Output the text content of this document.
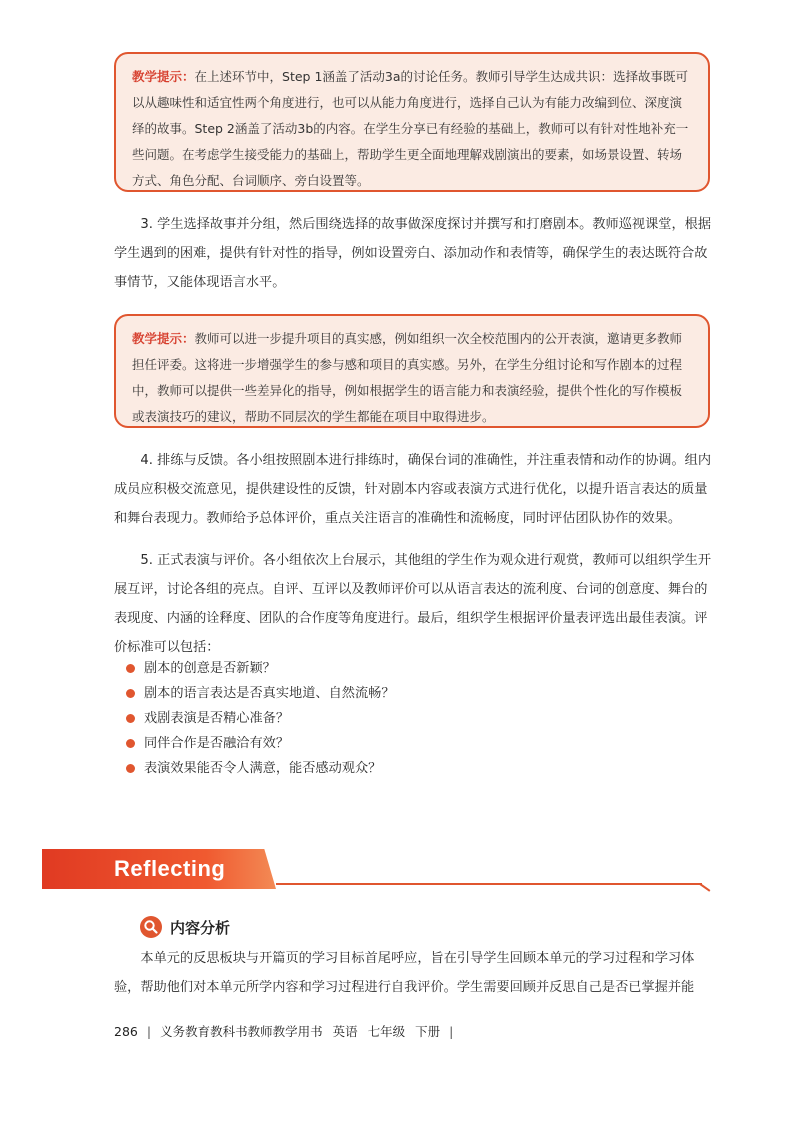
教学提示：在上述环节中，Step 1涵盖了活动3a的讨论任务。教师引导学生达成共识：选择故事既可以从趣味性和适宜性两个角度进行，也可以从能力角度进行，选择自己认为有能力改编到位、深度演绎的故事。Step 2涵盖了活动3b的内容。在学生分享已有经验的基础上，教师可以有针对性地补充一些问题。在考虑学生接受能力的基础上，帮助学生更全面地理解戏剧演出的要素，如场景设置、转场方式、角色分配、台词顺序、旁白设置等。

3. 学生选择故事并分组，然后围绕选择的故事做深度探讨并撰写和打磨剧本。教师巡视课堂，根据学生遇到的困难，提供有针对性的指导，例如设置旁白、添加动作和表情等，确保学生的表达既符合故事情节，又能体现语言水平。

教学提示：教师可以进一步提升项目的真实感，例如组织一次全校范围内的公开表演，邀请更多教师担任评委。这将进一步增强学生的参与感和项目的真实感。另外，在学生分组讨论和写作剧本的过程中，教师可以提供一些差异化的指导，例如根据学生的语言能力和表演经验，提供个性化的写作模板或表演技巧的建议，帮助不同层次的学生都能在项目中取得进步。

4. 排练与反馈。各小组按照剧本进行排练时，确保台词的准确性，并注重表情和动作的协调。组内成员应积极交流意见，提供建设性的反馈，针对剧本内容或表演方式进行优化，以提升语言表达的质量和舞台表现力。教师给予总体评价，重点关注语言的准确性和流畅度，同时评估团队协作的效果。

5. 正式表演与评价。各小组依次上台展示，其他组的学生作为观众进行观赏，教师可以组织学生开展互评，讨论各组的亮点。自评、互评以及教师评价可以从语言表达的流利度、台词的创意度、舞台的表现度、内涵的诠释度、团队的合作度等角度进行。最后，组织学生根据评价量表评选出最佳表演。评价标准可以包括：

剧本的创意是否新颖？
剧本的语言表达是否真实地道、自然流畅？
戏剧表演是否精心准备？
同伴合作是否融洽有效？
表演效果能否令人满意，能否感动观众？
Reflecting
内容分析

本单元的反思板块与开篇页的学习目标首尾呼应，旨在引导学生回顾本单元的学习过程和学习体验，帮助他们对本单元所学内容和学习过程进行自我评价。学生需要回顾并反思自己是否已掌握并能

286 | 义务教育教科书教师教学用书 英语 七年级 下册 |
